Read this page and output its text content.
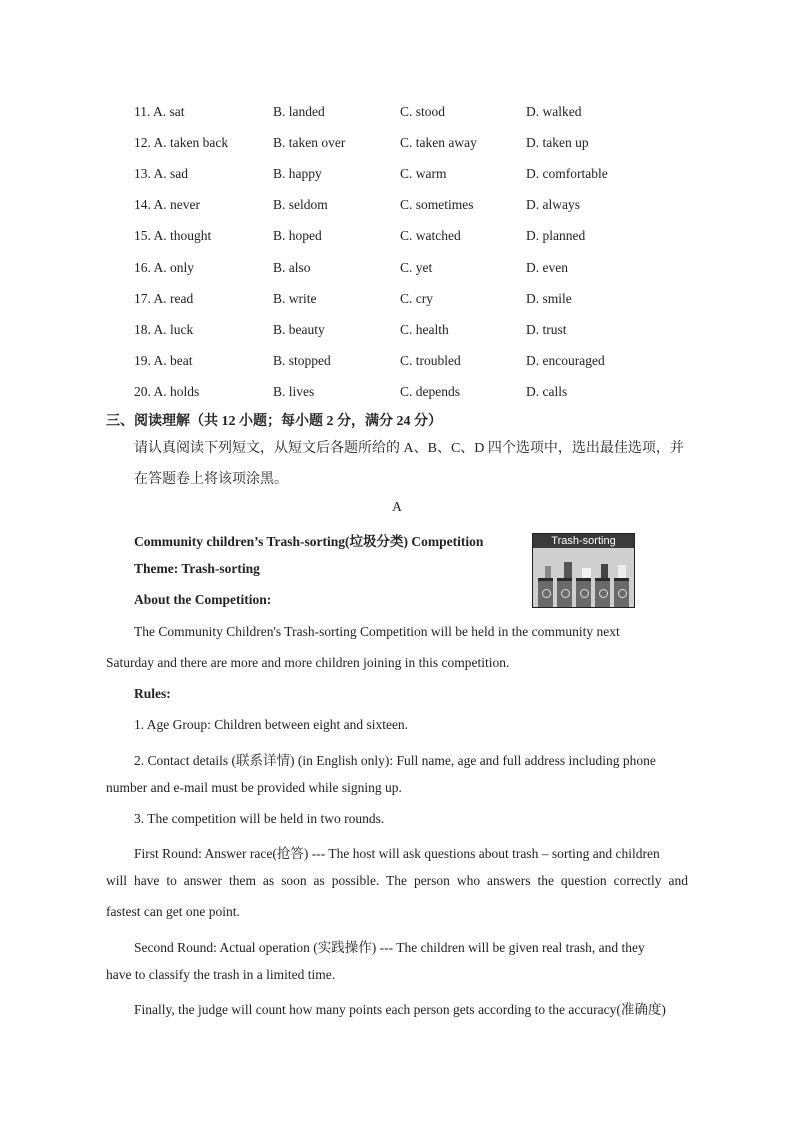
11. A. sat	B. landed	C. stood	D. walked
12. A. taken back	B. taken over	C. taken away	D. taken up
13. A. sad	B. happy	C. warm	D. comfortable
14. A. never	B. seldom	C. sometimes	D. always
15. A. thought	B. hoped	C. watched	D. planned
16. A. only	B. also	C. yet	D. even
17. A. read	B. write	C. cry	D. smile
18. A. luck	B. beauty	C. health	D. trust
19. A. beat	B. stopped	C. troubled	D. encouraged
20. A. holds	B. lives	C. depends	D. calls
三、阅读理解（共 12 小题；每小题 2 分，满分 24 分）
请认真阅读下列短文，从短文后各题所给的 A、B、C、D 四个选项中，选出最佳选项，并
在答题卷上将该项涂黑。
A
Community children’s Trash-sorting(垃圾分类) Competition
Theme: Trash-sorting
About the Competition:
Trash-sorting
The Community Children's Trash-sorting Competition will be held in the community next
Saturday and there are more and more children joining in this competition.
Rules:
1. Age Group: Children between eight and sixteen.
2. Contact details (联系详情) (in English only): Full name, age and full address including phone
number and e-mail must be provided while signing up.
3. The competition will be held in two rounds.
First Round: Answer race(抢答) --- The host will ask questions about trash – sorting and children
will have to answer them as soon as possible. The person who answers the question correctly and
fastest can get one point.
Second Round: Actual operation (实践操作) --- The children will be given real trash, and they
have to classify the trash in a limited time.
Finally, the judge will count how many points each person gets according to the accuracy(准确度)
